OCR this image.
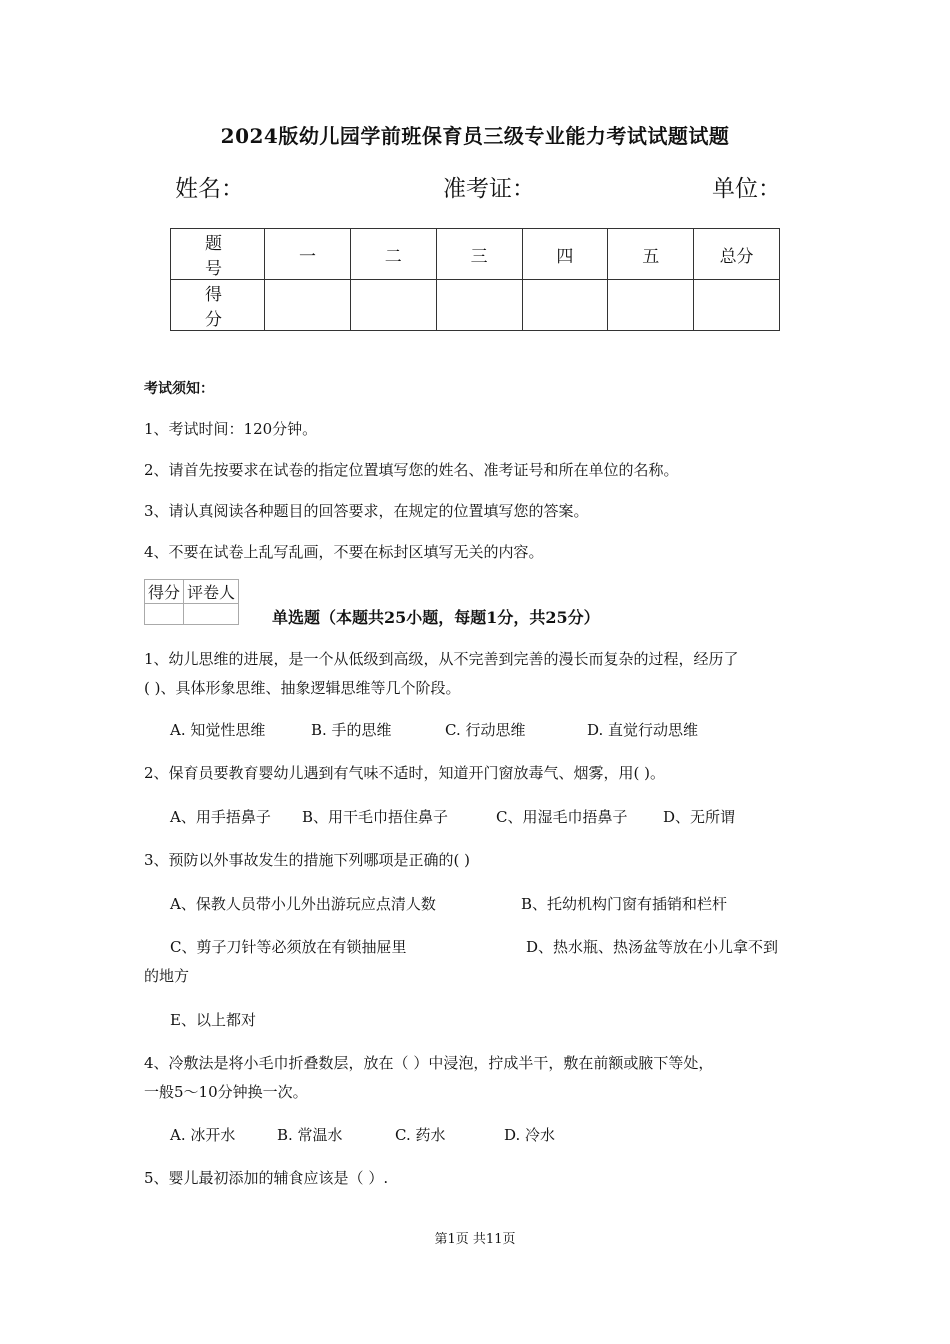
2024版幼儿园学前班保育员三级专业能力考试试题试题
姓名：	准考证：	单位：
题 号	一	二	三	四	五	总分
得 分						
考试须知：
1、考试时间：120分钟。
2、请首先按要求在试卷的指定位置填写您的姓名、准考证号和所在单位的名称。
3、请认真阅读各种题目的回答要求，在规定的位置填写您的答案。
4、不要在试卷上乱写乱画，不要在标封区填写无关的内容。
得分	评卷人

单选题（本题共25小题，每题1分，共25分）
1、幼儿思维的进展，是一个从低级到高级，从不完善到完善的漫长而复杂的过程，经历了
( )、具体形象思维、抽象逻辑思维等几个阶段。
A. 知觉性思维	B. 手的思维	C. 行动思维	D. 直觉行动思维
2、保育员要教育婴幼儿遇到有气味不适时，知道开门窗放毒气、烟雾，用( )。
A、用手捂鼻子 B、用干毛巾捂住鼻子	C、用湿毛巾捂鼻子 D、无所谓
3、预防以外事故发生的措施下列哪项是正确的( )
A、保教人员带小儿外出游玩应点清人数	B、托幼机构门窗有插销和栏杆
C、剪子刀针等必须放在有锁抽屉里	D、热水瓶、热汤盆等放在小儿拿不到
的地方
E、以上都对
4、冷敷法是将小毛巾折叠数层，放在（ ）中浸泡，拧成半干，敷在前额或腋下等处，
一般5～10分钟换一次。
A. 冰开水	B. 常温水	C. 药水	D. 冷水
5、婴儿最初添加的辅食应该是（ ）.
第1页 共11页
